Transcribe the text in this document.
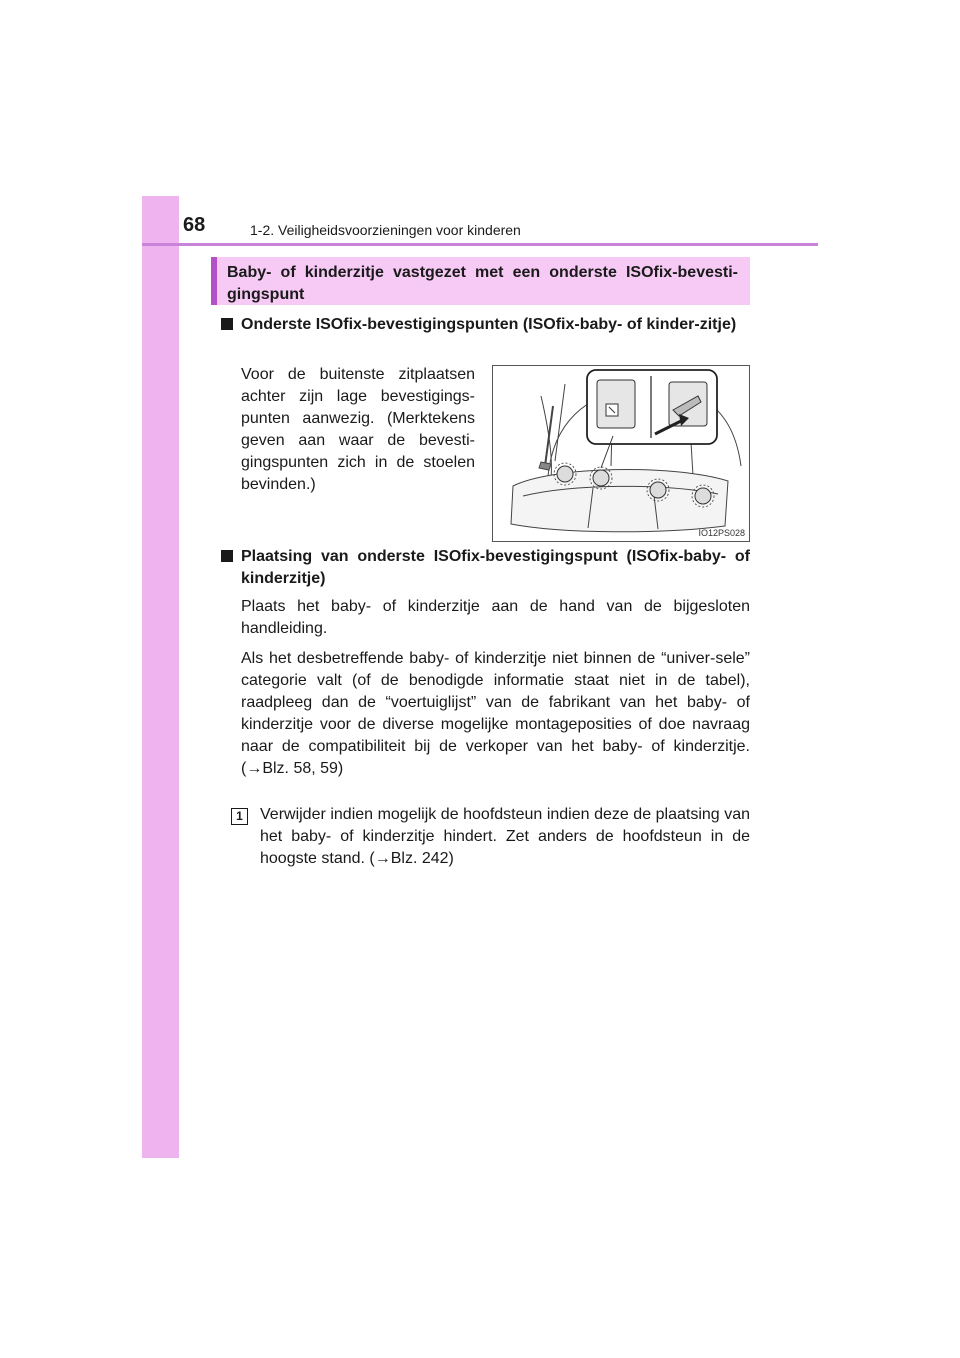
68	1-2. Veiligheidsvoorzieningen voor kinderen
Baby- of kinderzitje vastgezet met een onderste ISOfix-bevesti-gingspunt
Onderste ISOfix-bevestigingspunten (ISOfix-baby- of kinder-zitje)
Voor de buitenste zitplaatsen achter zijn lage bevestigings-punten aanwezig. (Merktekens geven aan waar de bevesti-gingspunten zich in de stoelen bevinden.)
IO12PS028
Plaatsing van onderste ISOfix-bevestigingspunt (ISOfix-baby- of kinderzitje)
Plaats het baby- of kinderzitje aan de hand van de bijgesloten handleiding.
Als het desbetreffende baby- of kinderzitje niet binnen de “univer-sele” categorie valt (of de benodigde informatie staat niet in de tabel), raadpleeg dan de “voertuiglijst” van de fabrikant van het baby- of kinderzitje voor de diverse mogelijke montageposities of doe navraag naar de compatibiliteit bij de verkoper van het baby- of kinderzitje. (→Blz. 58, 59)
1	Verwijder indien mogelijk de hoofdsteun indien deze de plaatsing van het baby- of kinderzitje hindert. Zet anders de hoofdsteun in de hoogste stand. (→Blz. 242)
